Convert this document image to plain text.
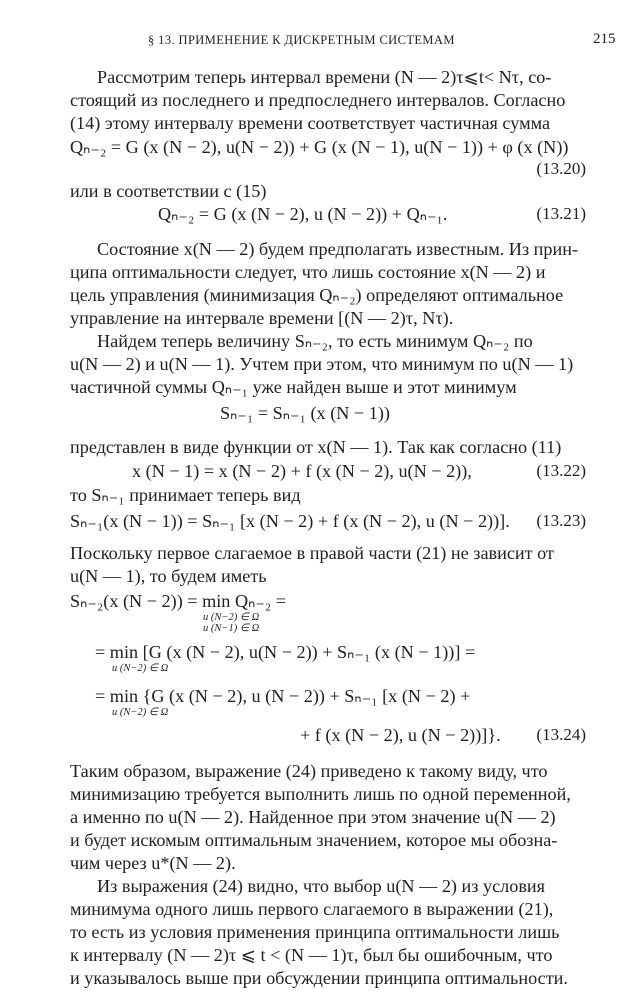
§ 13. ПРИМЕНЕНИЕ К ДИСКРЕТНЫМ СИСТЕМАМ	215
Рассмотрим теперь интервал времени (N — 2)τ⩽t< Nτ, со-
стоящий из последнего и предпоследнего интервалов. Согласно
(14) этому интервалу времени соответствует частичная сумма
Qₙ₋₂ = G (x (N − 2), u(N − 2)) + G (x (N − 1), u(N − 1)) + φ (x (N))
(13.20)
или в соответствии с (15)
Qₙ₋₂ = G (x (N − 2), u (N − 2)) + Qₙ₋₁.	(13.21)
Состояние x(N — 2) будем предполагать известным. Из прин-
ципа оптимальности следует, что лишь состояние x(N — 2) и
цель управления (минимизация Qₙ₋₂) определяют оптимальное
управление на интервале времени [(N — 2)τ, Nτ).
Найдем теперь величину Sₙ₋₂, то есть минимум Qₙ₋₂ по
u(N — 2) и u(N — 1). Учтем при этом, что минимум по u(N — 1)
частичной суммы Qₙ₋₁ уже найден выше и этот минимум
Sₙ₋₁ = Sₙ₋₁ (x (N − 1))
представлен в виде функции от x(N — 1). Так как согласно (11)
x (N − 1) = x (N − 2) + f (x (N − 2), u(N − 2)),	(13.22)
то Sₙ₋₁ принимает теперь вид
Sₙ₋₁(x (N − 1)) = Sₙ₋₁ [x (N − 2) + f (x (N − 2), u (N − 2))].	(13.23)
Поскольку первое слагаемое в правой части (21) не зависит от
u(N — 1), то будем иметь
Sₙ₋₂(x (N − 2)) = min Qₙ₋₂ =
u (N−2) ∈ Ω
u (N−1) ∈ Ω
= min [G (x (N − 2), u(N − 2)) + Sₙ₋₁ (x (N − 1))] =
u (N−2) ∈ Ω
= min {G (x (N − 2), u (N − 2)) + Sₙ₋₁ [x (N − 2) +
u (N−2) ∈ Ω
+ f (x (N − 2), u (N − 2))]}.	(13.24)
Таким образом, выражение (24) приведено к такому виду, что
минимизацию требуется выполнить лишь по одной переменной,
а именно по u(N — 2). Найденное при этом значение u(N — 2)
и будет искомым оптимальным значением, которое мы обозна-
чим через u*(N — 2).
Из выражения (24) видно, что выбор u(N — 2) из условия
минимума одного лишь первого слагаемого в выражении (21),
то есть из условия применения принципа оптимальности лишь
к интервалу (N — 2)τ ⩽ t < (N — 1)τ, был бы ошибочным, что
и указывалось выше при обсуждении принципа оптимальности.
